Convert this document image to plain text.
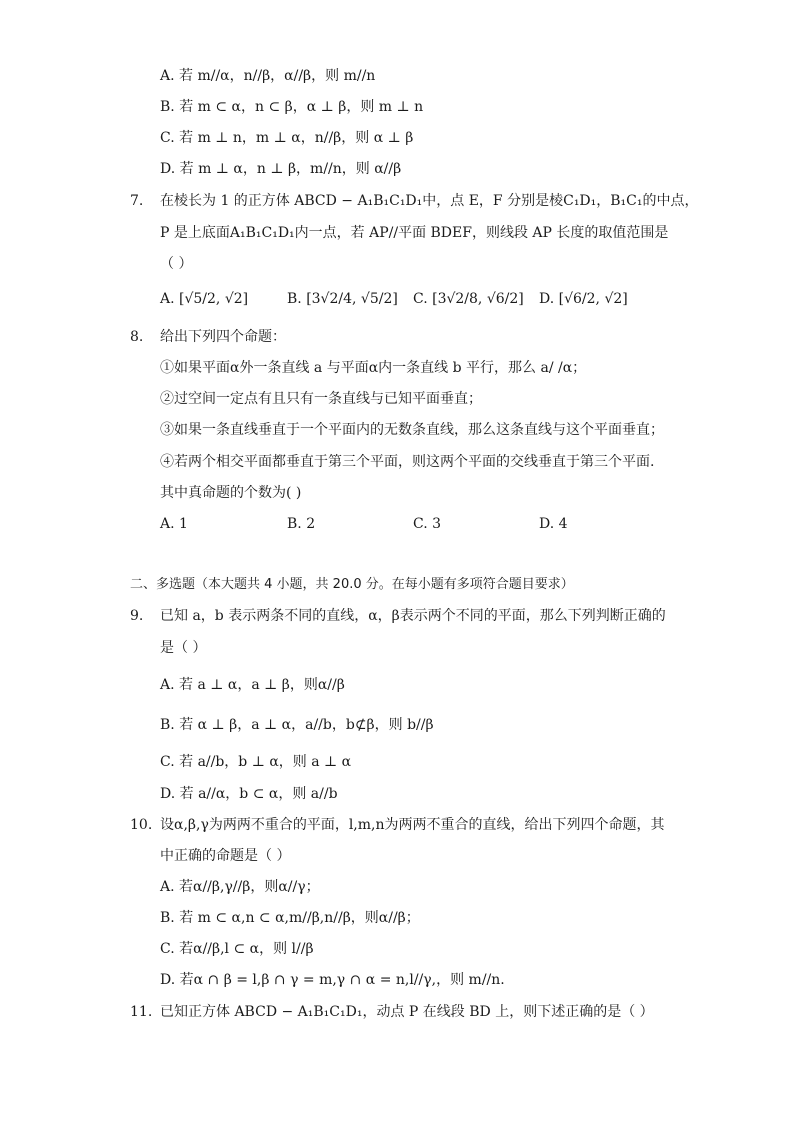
A. 若 m//α，n//β，α//β，则 m//n
B. 若 m ⊂ α，n ⊂ β，α ⊥ β，则 m ⊥ n
C. 若 m ⊥ n，m ⊥ α，n//β，则 α ⊥ β
D. 若 m ⊥ α，n ⊥ β，m//n，则 α//β
7. 在棱长为 1 的正方体 ABCD − A₁B₁C₁D₁中，点 E，F 分别是棱C₁D₁，B₁C₁的中点，
P 是上底面A₁B₁C₁D₁内一点，若 AP//平面 BDEF，则线段 AP 长度的取值范围是
（ ）
A. [√5/2, √2]	B. [3√2/4, √5/2] C. [3√2/8, √6/2] D. [√6/2, √2]
8. 给出下列四个命题：
①如果平面α外一条直线 a 与平面α内一条直线 b 平行，那么 a/ /α；
②过空间一定点有且只有一条直线与已知平面垂直；
③如果一条直线垂直于一个平面内的无数条直线，那么这条直线与这个平面垂直；
④若两个相交平面都垂直于第三个平面，则这两个平面的交线垂直于第三个平面.
其中真命题的个数为( )
A. 1	B. 2	C. 3	D. 4
二、多选题（本大题共 4 小题，共 20.0 分。在每小题有多项符合题目要求）
9. 已知 a，b 表示两条不同的直线，α，β表示两个不同的平面，那么下列判断正确的
是（ ）
A. 若 a ⊥ α，a ⊥ β，则α//β
B. 若 α ⊥ β，a ⊥ α，a//b，b⊄β，则 b//β
C. 若 a//b，b ⊥ α，则 a ⊥ α
D. 若 a//α，b ⊂ α，则 a//b
10. 设α,β,γ为两两不重合的平面，l,m,n为两两不重合的直线，给出下列四个命题，其
中正确的命题是（ ）
A. 若α//β,γ//β，则α//γ；
B. 若 m ⊂ α,n ⊂ α,m//β,n//β，则α//β；
C. 若α//β,l ⊂ α，则 l//β
D. 若α ∩ β = l,β ∩ γ = m,γ ∩ α = n,l//γ,，则 m//n.
11. 已知正方体 ABCD − A₁B₁C₁D₁，动点 P 在线段 BD 上，则下述正确的是（ ）
